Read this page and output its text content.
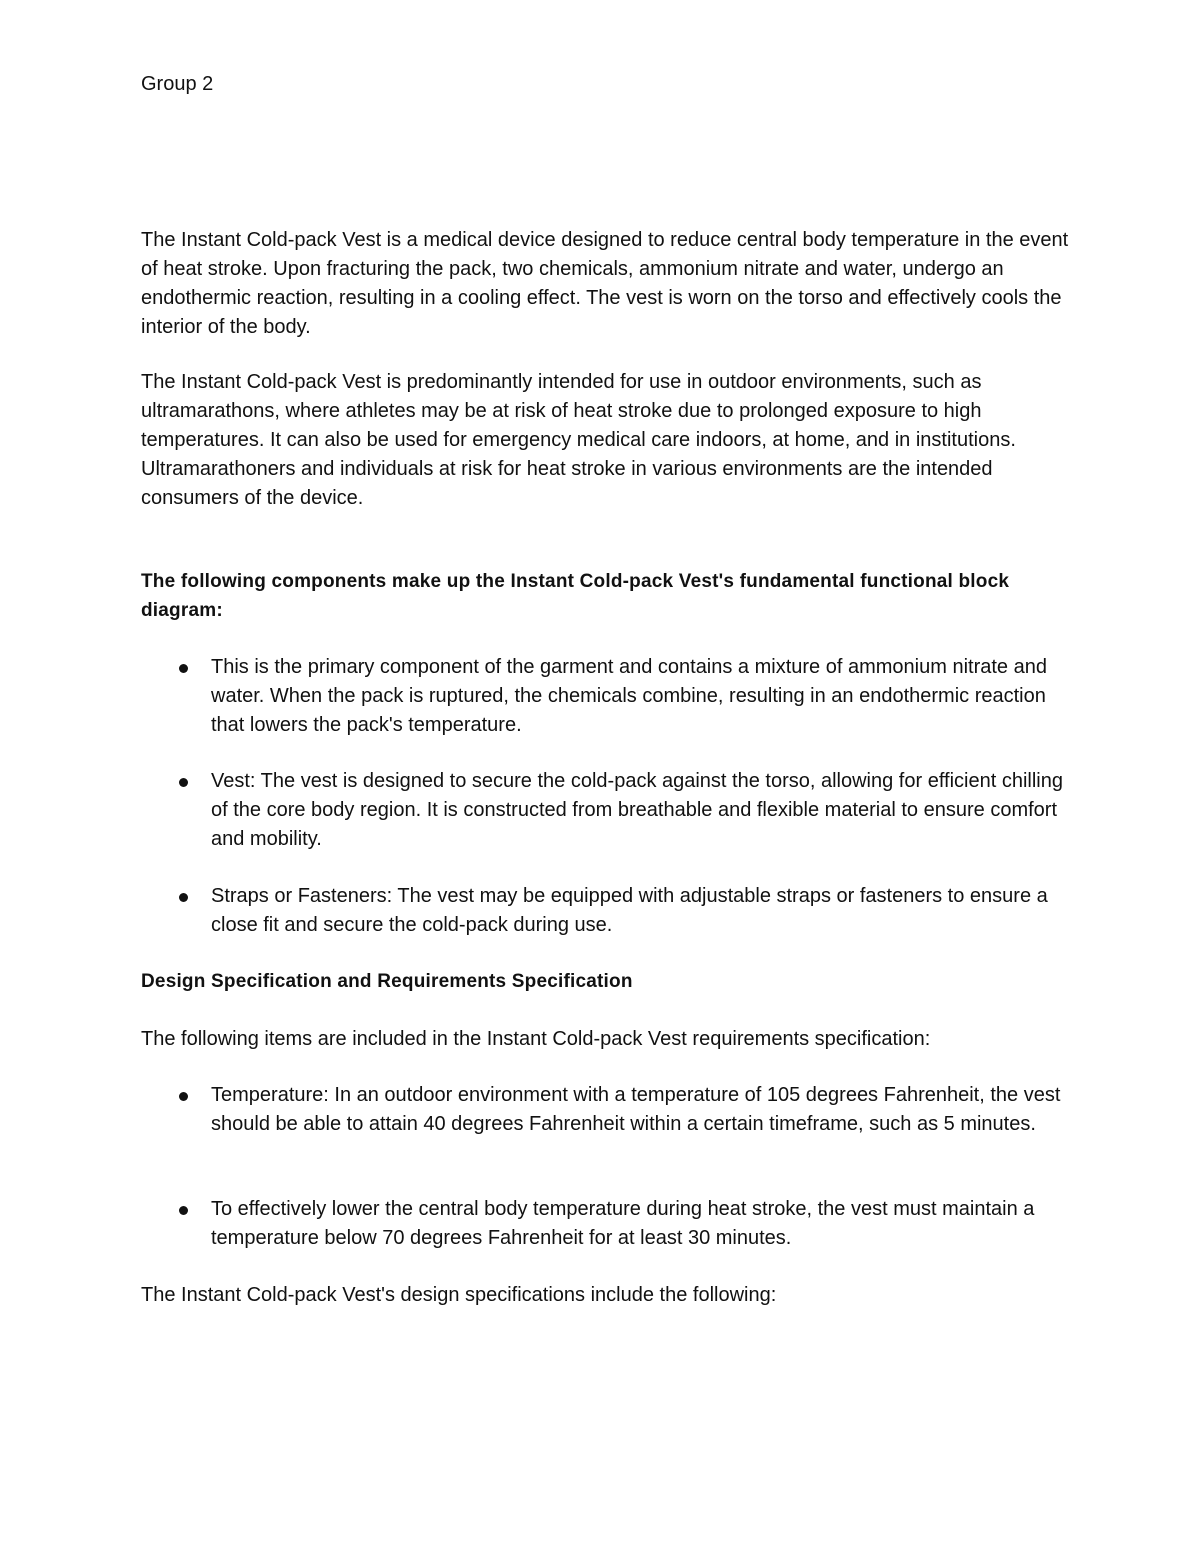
Group 2

The Instant Cold-pack Vest is a medical device designed to reduce central body temperature in the event of heat stroke. Upon fracturing the pack, two chemicals, ammonium nitrate and water, undergo an endothermic reaction, resulting in a cooling effect. The vest is worn on the torso and effectively cools the interior of the body.

The Instant Cold-pack Vest is predominantly intended for use in outdoor environments, such as ultramarathons, where athletes may be at risk of heat stroke due to prolonged exposure to high temperatures. It can also be used for emergency medical care indoors, at home, and in institutions. Ultramarathoners and individuals at risk for heat stroke in various environments are the intended consumers of the device.

The following components make up the Instant Cold-pack Vest's fundamental functional block diagram:

This is the primary component of the garment and contains a mixture of ammonium nitrate and water. When the pack is ruptured, the chemicals combine, resulting in an endothermic reaction that lowers the pack's temperature.

Vest: The vest is designed to secure the cold-pack against the torso, allowing for efficient chilling of the core body region. It is constructed from breathable and flexible material to ensure comfort and mobility.

Straps or Fasteners: The vest may be equipped with adjustable straps or fasteners to ensure a close fit and secure the cold-pack during use.

Design Specification and Requirements Specification

The following items are included in the Instant Cold-pack Vest requirements specification:

Temperature: In an outdoor environment with a temperature of 105 degrees Fahrenheit, the vest should be able to attain 40 degrees Fahrenheit within a certain timeframe, such as 5 minutes.

To effectively lower the central body temperature during heat stroke, the vest must maintain a temperature below 70 degrees Fahrenheit for at least 30 minutes.

The Instant Cold-pack Vest's design specifications include the following:
